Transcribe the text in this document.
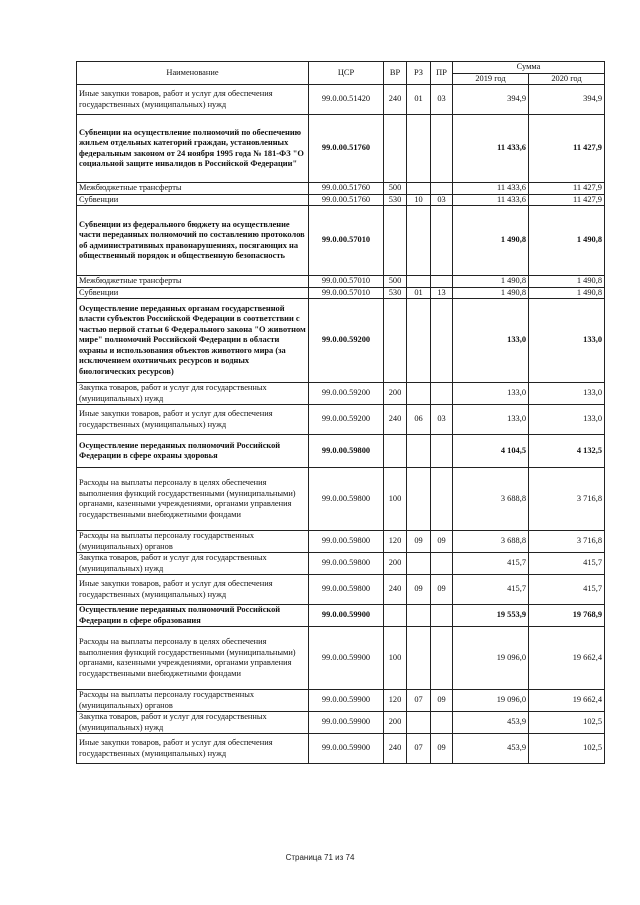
Наименование	ЦСР	ВР	РЗ	ПР	Сумма	
					2019 год	2020 год
Иные закупки товаров, работ и услуг для обеспечения государственных (муниципальных) нужд	99.0.00.51420	240	01	03	394,9	394,9
Субвенции на осуществление полномочий по обеспечению жильем отдельных категорий граждан, установленных федеральным законом от 24 ноября 1995 года № 181-ФЗ "О социальной защите инвалидов в Российской Федерации"	99.0.00.51760				11 433,6	11 427,9
Межбюджетные трансферты	99.0.00.51760	500			11 433,6	11 427,9
Субвенции	99.0.00.51760	530	10	03	11 433,6	11 427,9
Субвенции из федерального бюджету на осуществление части переданных полномочий по составлению протоколов об административных правонарушениях, посягающих на общественный порядок и общественную безопасность	99.0.00.57010				1 490,8	1 490,8
Межбюджетные трансферты	99.0.00.57010	500			1 490,8	1 490,8
Субвенции	99.0.00.57010	530	01	13	1 490,8	1 490,8
Осуществление переданных органам государственной власти субъектов Российской Федерации в соответствии с частью первой статьи 6 Федерального закона "О животном мире" полномочий Российской Федерации в области охраны и использования объектов животного мира (за исключением охотничьих ресурсов и водных биологических ресурсов)	99.0.00.59200				133,0	133,0
Закупка товаров, работ и услуг для государственных (муниципальных) нужд	99.0.00.59200	200			133,0	133,0
Иные закупки товаров, работ и услуг для обеспечения государственных (муниципальных) нужд	99.0.00.59200	240	06	03	133,0	133,0
Осуществление переданных полномочий Российской Федерации в сфере охраны здоровья	99.0.00.59800				4 104,5	4 132,5
Расходы на выплаты персоналу в целях обеспечения выполнения функций государственными (муниципальными) органами, казенными учреждениями, органами управления государственными внебюджетными фондами	99.0.00.59800	100			3 688,8	3 716,8
Расходы на выплаты персоналу государственных (муниципальных) органов	99.0.00.59800	120	09	09	3 688,8	3 716,8
Закупка товаров, работ и услуг для государственных (муниципальных) нужд	99.0.00.59800	200			415,7	415,7
Иные закупки товаров, работ и услуг для обеспечения государственных (муниципальных) нужд	99.0.00.59800	240	09	09	415,7	415,7
Осуществление переданных полномочий Российской Федерации в сфере образования	99.0.00.59900				19 553,9	19 768,9
Расходы на выплаты персоналу в целях обеспечения выполнения функций государственными (муниципальными) органами, казенными учреждениями, органами управления государственными внебюджетными фондами	99.0.00.59900	100			19 096,0	19 662,4
Расходы на выплаты персоналу государственных (муниципальных) органов	99.0.00.59900	120	07	09	19 096,0	19 662,4
Закупка товаров, работ и услуг для государственных (муниципальных) нужд	99.0.00.59900	200			453,9	102,5
Иные закупки товаров, работ и услуг для обеспечения государственных (муниципальных) нужд	99.0.00.59900	240	07	09	453,9	102,5
Страница 71 из 74
